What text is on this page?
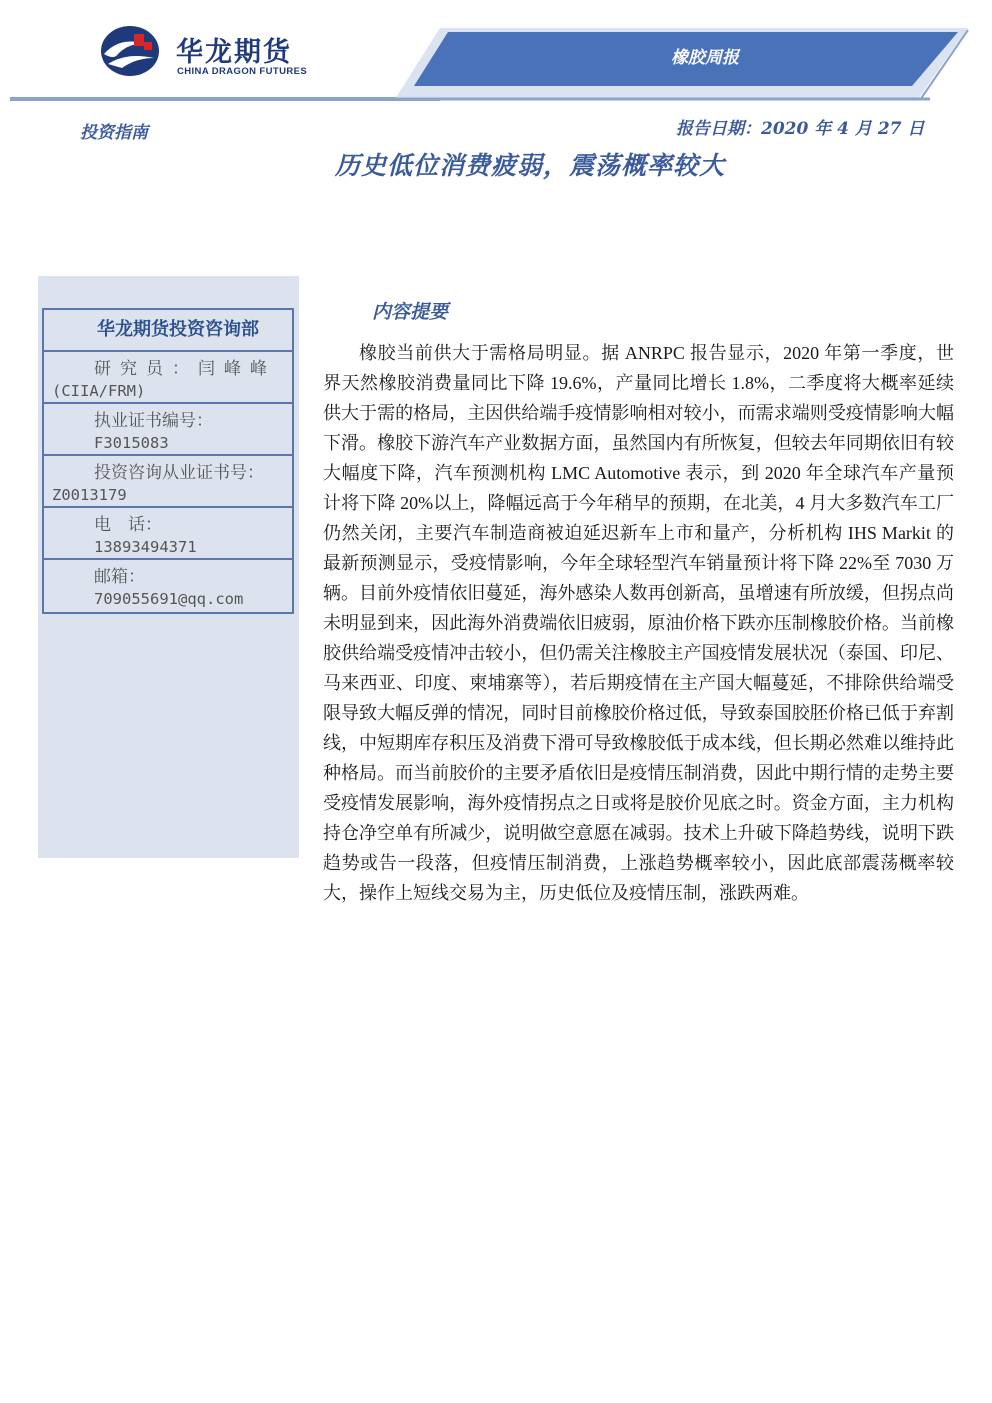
华龙期货
CHINA DRAGON FUTURES
橡胶周报
投资指南	报告日期：2020 年 4 月 27 日
历史低位消费疲弱，震荡概率较大
华龙期货投资咨询部
研究员：闫峰峰
(CIIA/FRM)
执业证书编号：
F3015083
投资咨询从业证书号：
Z0013179
电　话：
13893494371
邮箱：
709055691@qq.com
内容提要

橡胶当前供大于需格局明显。据 ANRPC 报告显示，2020 年第一季度，世界天然橡胶消费量同比下降 19.6%，产量同比增长 1.8%，二季度将大概率延续供大于需的格局，主因供给端手疫情影响相对较小，而需求端则受疫情影响大幅下滑。橡胶下游汽车产业数据方面，虽然国内有所恢复，但较去年同期依旧有较大幅度下降，汽车预测机构 LMC Automotive 表示，到 2020 年全球汽车产量预计将下降 20%以上，降幅远高于今年稍早的预期，在北美，4 月大多数汽车工厂仍然关闭，主要汽车制造商被迫延迟新车上市和量产，分析机构 IHS Markit 的最新预测显示，受疫情影响，今年全球轻型汽车销量预计将下降 22%至 7030 万辆。目前外疫情依旧蔓延，海外感染人数再创新高，虽增速有所放缓，但拐点尚未明显到来，因此海外消费端依旧疲弱，原油价格下跌亦压制橡胶价格。当前橡胶供给端受疫情冲击较小，但仍需关注橡胶主产国疫情发展状况（泰国、印尼、马来西亚、印度、柬埔寨等），若后期疫情在主产国大幅蔓延，不排除供给端受限导致大幅反弹的情况，同时目前橡胶价格过低，导致泰国胶胚价格已低于弃割线，中短期库存积压及消费下滑可导致橡胶低于成本线，但长期必然难以维持此种格局。而当前胶价的主要矛盾依旧是疫情压制消费，因此中期行情的走势主要受疫情发展影响，海外疫情拐点之日或将是胶价见底之时。资金方面，主力机构持仓净空单有所减少，说明做空意愿在减弱。技术上升破下降趋势线，说明下跌趋势或告一段落，但疫情压制消费，上涨趋势概率较小，因此底部震荡概率较大，操作上短线交易为主，历史低位及疫情压制，涨跌两难。
